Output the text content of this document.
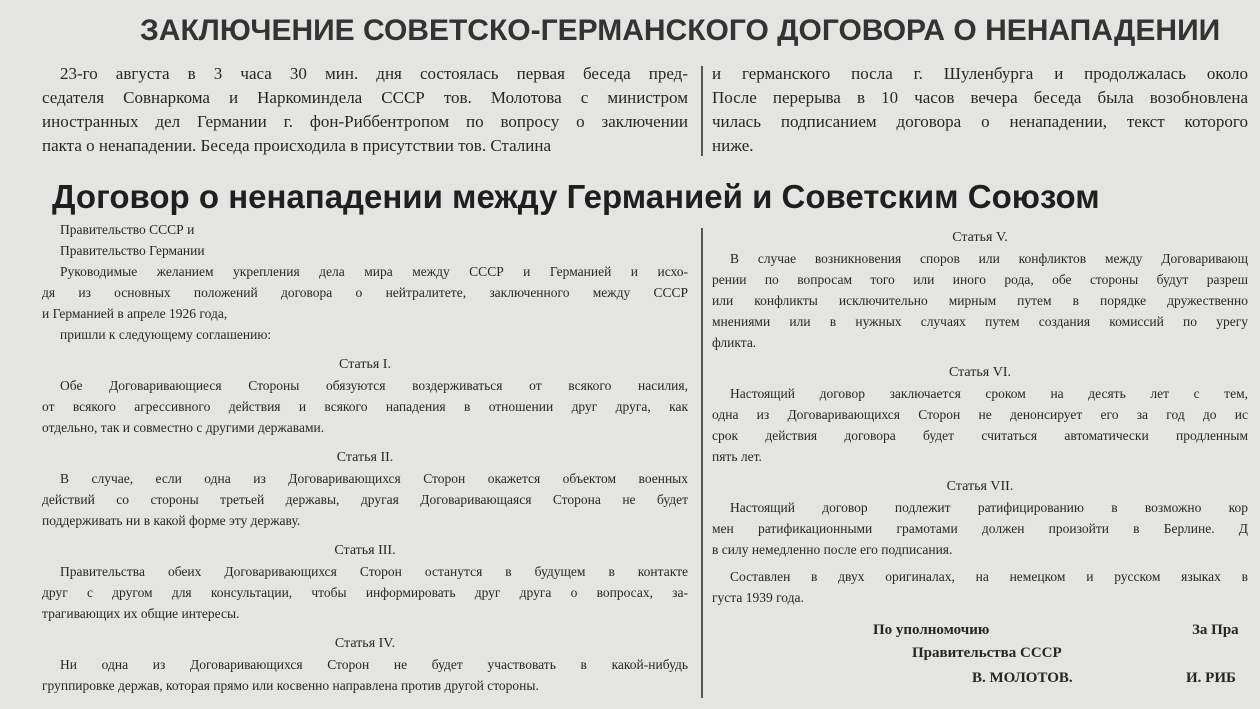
ЗАКЛЮЧЕНИЕ СОВЕТСКО-ГЕРМАНСКОГО ДОГОВОРА О НЕНАПАДЕНИИ
23-го августа в 3 часа 30 мин. дня состоялась первая беседа пред-
седателя Совнаркома и Наркоминдела СССР тов. Молотова с министром
иностранных дел Германии г. фон-Риббентропом по вопросу о заключении
пакта о ненападении. Беседа происходила в присутствии тов. Сталина
и германского посла г. Шуленбурга и продолжалась около
После перерыва в 10 часов вечера беседа была возобновлена
чилась подписанием договора о ненападении, текст которого
ниже.
Договор о ненападении между Германией и Советским Союзом
Правительство СССР и
Правительство Германии
Руководимые желанием укрепления дела мира между СССР и Германией и исхо-
дя из основных положений договора о нейтралитете, заключенного между СССР
и Германией в апреле 1926 года,
пришли к следующему соглашению:
Статья I.
Обе Договаривающиеся Стороны обязуются воздерживаться от всякого насилия,
от всякого агрессивного действия и всякого нападения в отношении друг друга, как
отдельно, так и совместно с другими державами.
Статья II.
В случае, если одна из Договаривающихся Сторон окажется объектом военных
действий со стороны третьей державы, другая Договаривающаяся Сторона не будет
поддерживать ни в какой форме эту державу.
Статья III.
Правительства обеих Договаривающихся Сторон останутся в будущем в контакте
друг с другом для консультации, чтобы информировать друг друга о вопросах, за-
трагивающих их общие интересы.
Статья IV.
Ни одна из Договаривающихся Сторон не будет участвовать в какой-нибудь
группировке держав, которая прямо или косвенно направлена против другой стороны.
Статья V.
В случае возникновения споров или конфликтов между Договаривающ
рении по вопросам того или иного рода, обе стороны будут разреш
или конфликты исключительно мирным путем в порядке дружественно
мнениями или в нужных случаях путем создания комиссий по урегу
фликта.
Статья VI.
Настоящий договор заключается сроком на десять лет с тем,
одна из Договаривающихся Сторон не денонсирует его за год до ис
срок действия договора будет считаться автоматически продленным
пять лет.
Статья VII.
Настоящий договор подлежит ратифицированию в возможно кор
мен ратификационными грамотами должен произойти в Берлине. Д
в силу немедленно после его подписания.
Составлен в двух оригиналах, на немецком и русском языках в
густа 1939 года.
По уполномочию
Правительства СССР
В. МОЛОТОВ.
За Пра
И. РИБ
